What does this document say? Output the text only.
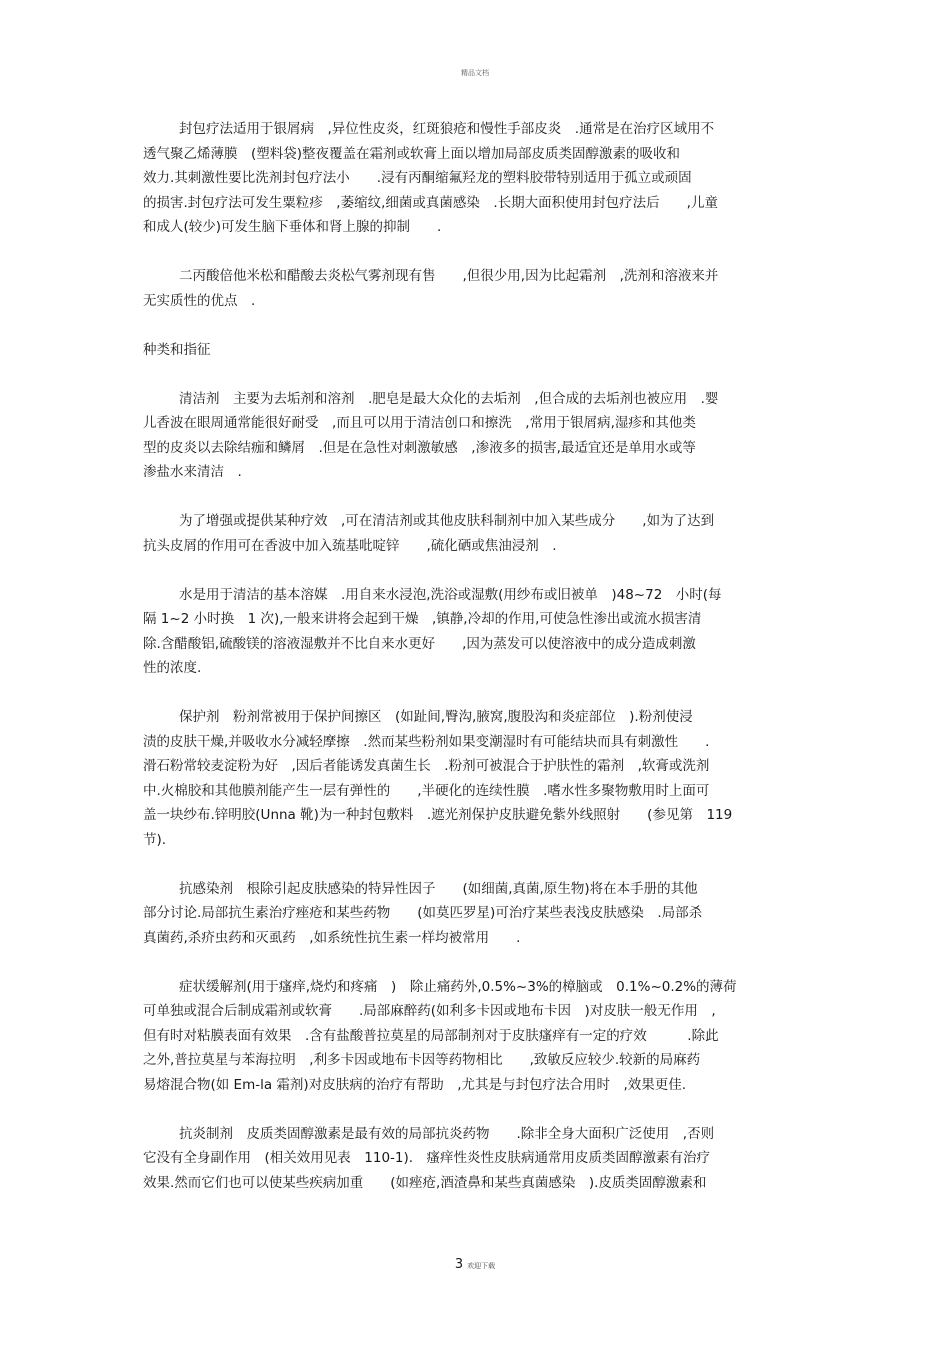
精品文档
封包疗法适用于银屑病　,异位性皮炎，红斑狼疮和慢性手部皮炎　.通常是在治疗区域用不
透气聚乙烯薄膜　(塑料袋)整夜覆盖在霜剂或软膏上面以增加局部皮质类固醇激素的吸收和
效力.其刺激性要比洗剂封包疗法小　　.浸有丙酮缩氟羟龙的塑料胶带特别适用于孤立或顽固
的损害.封包疗法可发生粟粒疹　,萎缩纹,细菌或真菌感染　.长期大面积使用封包疗法后　　,儿童
和成人(较少)可发生脑下垂体和肾上腺的抑制　　.
二丙酸倍他米松和醋酸去炎松气雾剂现有售　　,但很少用,因为比起霜剂　,洗剂和溶液来并
无实质性的优点　.
种类和指征
清洁剂　主要为去垢剂和溶剂　.肥皂是最大众化的去垢剂　,但合成的去垢剂也被应用　.婴
儿香波在眼周通常能很好耐受　,而且可以用于清洁创口和擦洗　,常用于银屑病,湿疹和其他类
型的皮炎以去除结痂和鳞屑　.但是在急性对刺激敏感　,渗液多的损害,最适宜还是单用水或等
渗盐水来清洁　.
为了增强或提供某种疗效　,可在清洁剂或其他皮肤科制剂中加入某些成分　　,如为了达到
抗头皮屑的作用可在香波中加入巯基吡啶锌　　,硫化硒或焦油浸剂　.
水是用于清洁的基本溶媒　.用自来水浸泡,洗浴或湿敷(用纱布或旧被单　)48~72　小时(每
隔 1~2 小时换　1 次),一般来讲将会起到干燥　,镇静,冷却的作用,可使急性渗出或流水损害清
除.含醋酸铝,硫酸镁的溶液湿敷并不比自来水更好　　,因为蒸发可以使溶液中的成分造成刺激
性的浓度.
保护剂　粉剂常被用于保护间擦区　(如趾间,臀沟,腋窝,腹股沟和炎症部位　).粉剂使浸
渍的皮肤干燥,并吸收水分减轻摩擦　.然而某些粉剂如果变潮湿时有可能结块而具有刺激性　　.
滑石粉常较麦淀粉为好　,因后者能诱发真菌生长　.粉剂可被混合于护肤性的霜剂　,软膏或洗剂
中.火棉胶和其他膜剂能产生一层有弹性的　　,半硬化的连续性膜　.嗜水性多聚物敷用时上面可
盖一块纱布.锌明胶(Unna 靴)为一种封包敷料　.遮光剂保护皮肤避免紫外线照射　　(参见第　119
节).
抗感染剂　根除引起皮肤感染的特异性因子　　(如细菌,真菌,原生物)将在本手册的其他
部分讨论.局部抗生素治疗痤疮和某些药物　　(如莫匹罗星)可治疗某些表浅皮肤感染　.局部杀
真菌药,杀疥虫药和灭虱药　,如系统性抗生素一样均被常用　　.
症状缓解剂(用于瘙痒,烧灼和疼痛　)　除止痛药外,0.5%~3%的樟脑或　0.1%~0.2%的薄荷
可单独或混合后制成霜剂或软膏　　.局部麻醉药(如利多卡因或地布卡因　)对皮肤一般无作用　,
但有时对粘膜表面有效果　.含有盐酸普拉莫星的局部制剂对于皮肤瘙痒有一定的疗效　　　.除此
之外,普拉莫星与苯海拉明　,利多卡因或地布卡因等药物相比　　,致敏反应较少.较新的局麻药
易熔混合物(如 Em-la 霜剂)对皮肤病的治疗有帮助　,尤其是与封包疗法合用时　,效果更佳.
抗炎制剂　皮质类固醇激素是最有效的局部抗炎药物　　.除非全身大面积广泛使用　,否则
它没有全身副作用　(相关效用见表　110-1).　瘙痒性炎性皮肤病通常用皮质类固醇激素有治疗
效果.然而它们也可以使某些疾病加重　　(如痤疮,酒渣鼻和某些真菌感染　).皮质类固醇激素和
3 欢迎下载
